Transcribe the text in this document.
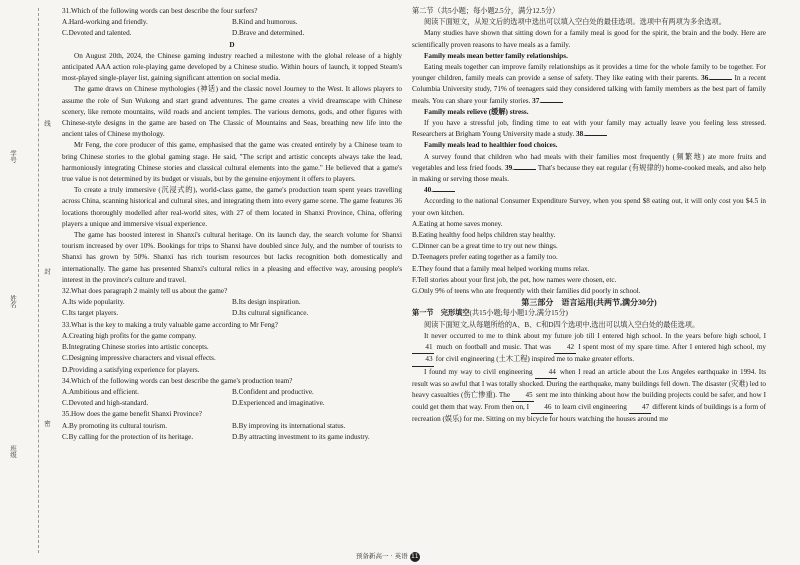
学号
姓名
班级
线
封
密

31.Which of the following words can best describe the four surfers?

A.Hard-working and friendly.	B.Kind and humorous.
C.Devoted and talented.	D.Brave and determined.

D

On August 20th, 2024, the Chinese gaming industry reached a milestone with the global release of a highly anticipated AAA action role-playing game developed by a Chinese studio. Within hours of launch, it topped Steam's most-played single-player list, gaining significant attention on social media.

The game draws on Chinese mythologies (神话) and the classic novel Journey to the West. It allows players to assume the role of Sun Wukong and start grand adventures. The game creates a vivid dreamscape with Chinese scenery, like remote mountains, wild roads and ancient temples. The various demons, gods, and other figures with Chinese-style designs in the game are based on The Classic of Mountains and Seas, breathing new life into the ancient tales of Chinese mythology.

Mr Feng, the core producer of this game, emphasised that the game was created entirely by a Chinese team to bring Chinese stories to the global gaming stage. He said, "The script and artistic concepts always take the lead, harmoniously integrating Chinese stories and classical cultural elements into the game." He believed that a game's true value is not determined by its budget or visuals, but by the genuine enjoyment it offers to players.

To create a truly immersive (沉浸式的), world-class game, the game's production team spent years travelling across China, scanning historical and cultural sites, and integrating them into every game scene. The game features 36 locations thoroughly modelled after real-world sites, with 27 of them located in Shanxi Province, China, offering players a unique and immersive visual experience.

The game has boosted interest in Shanxi's cultural heritage. On its launch day, the search volume for Shanxi tourism increased by over 10%. Bookings for trips to Shanxi have doubled since July, and the number of tourists to Shanxi has grown by 50%. Shanxi has rich tourism resources but lacks recognition both domestically and internationally. The game has presented Shanxi's cultural relics in a pleasing and effective way, arousing people's interest in the province's culture and travel.

32.What does paragraph 2 mainly tell us about the game?

A.Its wide popularity.	B.Its design inspiration.
C.Its target players.	D.Its cultural significance.

33.What is the key to making a truly valuable game according to Mr Feng?

A.Creating high profits for the game company.

B.Integrating Chinese stories into artistic concepts.

C.Designing impressive characters and visual effects.

D.Providing a satisfying experience for players.

34.Which of the following words can best describe the game's production team?

A.Ambitious and efficient.	B.Confident and productive.
C.Devoted and high-standard.	D.Experienced and imaginative.

35.How does the game benefit Shanxi Province?

A.By promoting its cultural tourism.	B.By improving its international status.
C.By calling for the protection of its heritage.	D.By attracting investment to its game industry.

第二节（共5小题；每小题2.5分，满分12.5分）

阅读下面短文，从短文后的选项中选出可以填入空白处的最佳选项。选项中有两项为多余选项。

Many studies have shown that sitting down for a family meal is good for the spirit, the brain and the body. Here are scientifically proven reasons to have meals as a family.

Family meals mean better family relationships.

Eating meals together can improve family relationships as it provides a time for the whole family to be together. For younger children, family meals can provide a sense of safety. They like eating with their parents. 36.	In a recent Columbia University study, 71% of teenagers said they considered talking with family members as the best part of family meals. You can share your family stories. 37.

Family meals relieve (缓解) stress.

If you have a stressful job, finding time to eat with your family may actually leave you feeling less stressed. Researchers at Brigham Young University made a study. 38.

Family meals lead to healthier food choices.

A survey found that children who had meals with their families most frequently (频繁地) ate more fruits and vegetables and less fried foods. 39.	That's because they eat regular (有规律的) home-cooked meals, and also help in making or serving those meals.

40.

According to the national Consumer Expenditure Survey, when you spend $8 eating out, it will only cost you $4.5 in your own kitchen.

A.Eating at home saves money.

B.Eating healthy food helps children stay healthy.

C.Dinner can be a great time to try out new things.

D.Teenagers prefer eating together as a family too.

E.They found that a family meal helped working mums relax.

F.Tell stories about your first job, the pet, how names were chosen, etc.

G.Only 9% of teens who ate frequently with their families did poorly in school.

第三部分　语言运用(共两节,满分30分)

第一节　完形填空(共15小题;每小题1分,满分15分)

阅读下面短文,从每题所给的A、B、C和D四个选项中,选出可以填入空白处的最佳选项。

It never occurred to me to think about my future job till I entered high school. In the years before high school, I 41 much on football and music. That was 42 I spent most of my spare time. After I entered high school, my 43 for civil engineering (土木工程) inspired me to make greater efforts.

I found my way to civil engineering 44 when I read an article about the Los Angeles earthquake in 1994. Its result was so awful that I was totally shocked. During the earthquake, many buildings fell down. The disaster (灾难) led to heavy casualties (伤亡惨重). The 45 sent me into thinking about how the building projects could be safer, and how I could get them that way. From then on, I 46 to learn civil engineering 47 different kinds of buildings is a form of recreation (娱乐) for me. Sitting on my bicycle for hours watching the houses around me

预备新高一 · 英语 11
